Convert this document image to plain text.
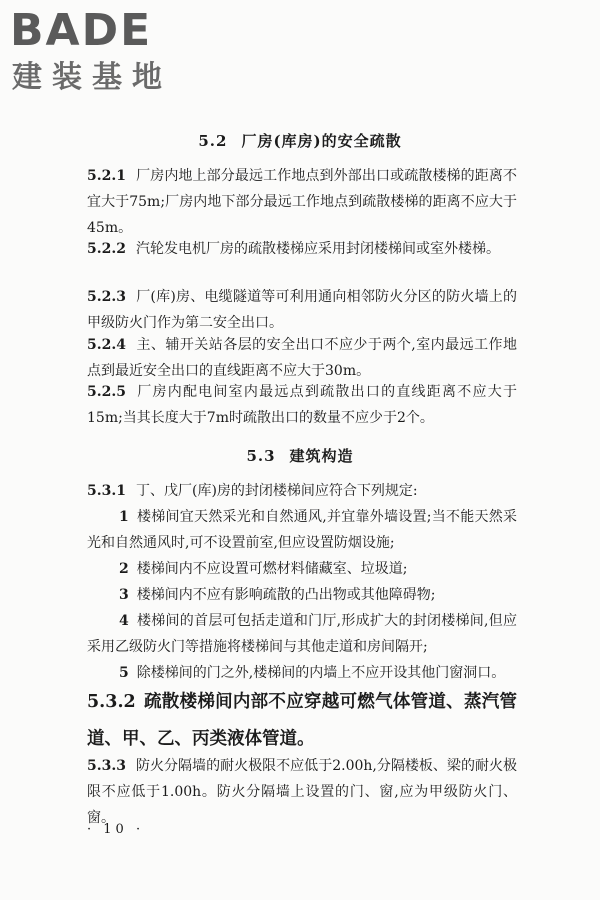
BADE
建装基地
5.2 厂房(库房)的安全疏散
5.2.1 厂房内地上部分最远工作地点到外部出口或疏散楼梯的距离不宜大于75m;厂房内地下部分最远工作地点到疏散楼梯的距离不应大于45m。
5.2.2 汽轮发电机厂房的疏散楼梯应采用封闭楼梯间或室外楼梯。
5.2.3 厂(库)房、电缆隧道等可利用通向相邻防火分区的防火墙上的甲级防火门作为第二安全出口。
5.2.4 主、辅开关站各层的安全出口不应少于两个,室内最远工作地点到最近安全出口的直线距离不应大于30m。
5.2.5 厂房内配电间室内最远点到疏散出口的直线距离不应大于15m;当其长度大于7m时疏散出口的数量不应少于2个。
5.3 建筑构造
5.3.1 丁、戊厂(库)房的封闭楼梯间应符合下列规定:
1 楼梯间宜天然采光和自然通风,并宜靠外墙设置;当不能天然采光和自然通风时,可不设置前室,但应设置防烟设施;
2 楼梯间内不应设置可燃材料储藏室、垃圾道;
3 楼梯间内不应有影响疏散的凸出物或其他障碍物;
4 楼梯间的首层可包括走道和门厅,形成扩大的封闭楼梯间,但应采用乙级防火门等措施将楼梯间与其他走道和房间隔开;
5 除楼梯间的门之外,楼梯间的内墙上不应开设其他门窗洞口。
5.3.2 疏散楼梯间内部不应穿越可燃气体管道、蒸汽管道、甲、乙、丙类液体管道。
5.3.3 防火分隔墙的耐火极限不应低于2.00h,分隔楼板、梁的耐火极限不应低于1.00h。防火分隔墙上设置的门、窗,应为甲级防火门、窗。
· 10 ·
